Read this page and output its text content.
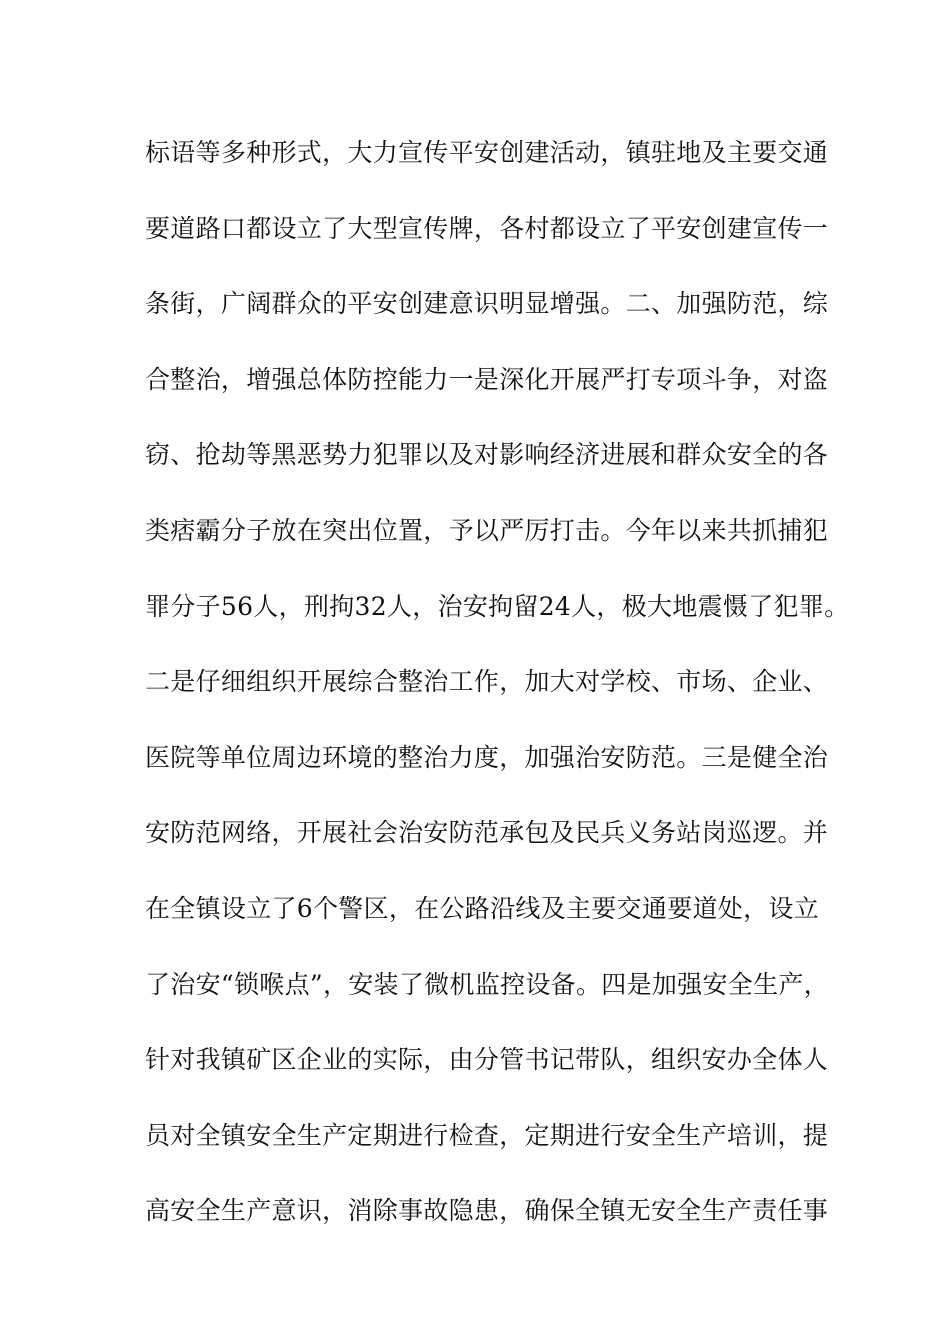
标语等多种形式，大力宣传平安创建活动，镇驻地及主要交通
要道路口都设立了大型宣传牌，各村都设立了平安创建宣传一
条街，广阔群众的平安创建意识明显增强。二、加强防范，综
合整治，增强总体防控能力一是深化开展严打专项斗争，对盗
窃、抢劫等黑恶势力犯罪以及对影响经济进展和群众安全的各
类痞霸分子放在突出位置，予以严厉打击。今年以来共抓捕犯
罪分子56人，刑拘32人，治安拘留24人，极大地震慑了犯罪。
二是仔细组织开展综合整治工作，加大对学校、市场、企业、
医院等单位周边环境的整治力度，加强治安防范。三是健全治
安防范网络，开展社会治安防范承包及民兵义务站岗巡逻。并
在全镇设立了6个警区，在公路沿线及主要交通要道处，设立
了治安“锁喉点”，安装了微机监控设备。四是加强安全生产，
针对我镇矿区企业的实际，由分管书记带队，组织安办全体人
员对全镇安全生产定期进行检查，定期进行安全生产培训，提
高安全生产意识，消除事故隐患，确保全镇无安全生产责任事
